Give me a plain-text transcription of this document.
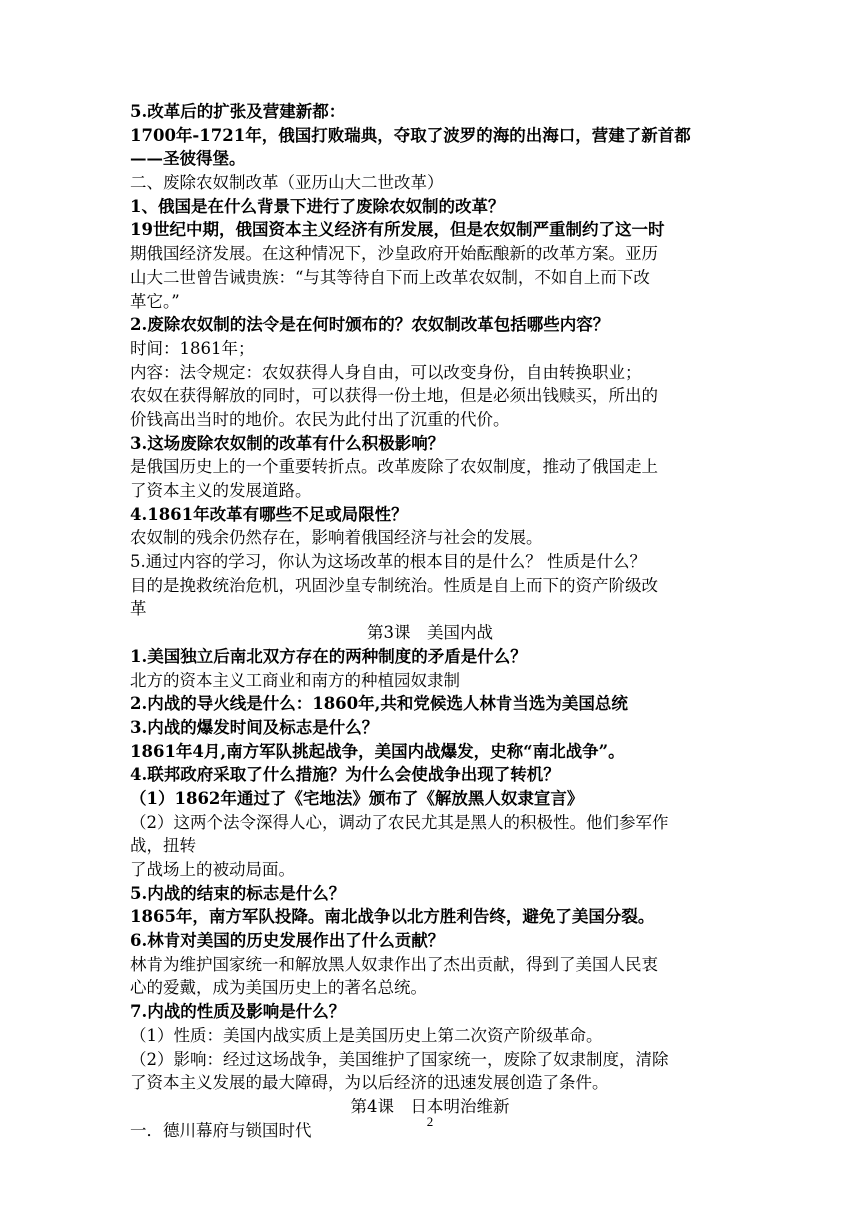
5.改革后的扩张及营建新都：
1700年-1721年，俄国打败瑞典，夺取了波罗的海的出海口，营建了新首都
——圣彼得堡。
二、废除农奴制改革（亚历山大二世改革）
1、俄国是在什么背景下进行了废除农奴制的改革？
19世纪中期，俄国资本主义经济有所发展，但是农奴制严重制约了这一时
期俄国经济发展。在这种情况下，沙皇政府开始酝酿新的改革方案。亚历
山大二世曾告诫贵族：“与其等待自下而上改革农奴制，不如自上而下改
革它。”
2.废除农奴制的法令是在何时颁布的？农奴制改革包括哪些内容？
时间：1861年；
内容：法令规定：农奴获得人身自由，可以改变身份，自由转换职业；
农奴在获得解放的同时，可以获得一份土地，但是必须出钱赎买，所出的
价钱高出当时的地价。农民为此付出了沉重的代价。
3.这场废除农奴制的改革有什么积极影响？
是俄国历史上的一个重要转折点。改革废除了农奴制度，推动了俄国走上
了资本主义的发展道路。
4.1861年改革有哪些不足或局限性？
农奴制的残余仍然存在，影响着俄国经济与社会的发展。
5.通过内容的学习，你认为这场改革的根本目的是什么？ 性质是什么？
目的是挽救统治危机，巩固沙皇专制统治。性质是自上而下的资产阶级改
革
第3课　美国内战
1.美国独立后南北双方存在的两种制度的矛盾是什么？
北方的资本主义工商业和南方的种植园奴隶制
2.内战的导火线是什么：1860年,共和党候选人林肯当选为美国总统
3.内战的爆发时间及标志是什么？
1861年4月,南方军队挑起战争，美国内战爆发，史称“南北战争”。
4.联邦政府采取了什么措施？为什么会使战争出现了转机？
（1）1862年通过了《宅地法》颁布了《解放黑人奴隶宣言》
（2）这两个法令深得人心，调动了农民尤其是黑人的积极性。他们参军作
战，扭转
了战场上的被动局面。
5.内战的结束的标志是什么？
1865年，南方军队投降。南北战争以北方胜利告终，避免了美国分裂。
6.林肯对美国的历史发展作出了什么贡献？
林肯为维护国家统一和解放黑人奴隶作出了杰出贡献，得到了美国人民衷
心的爱戴，成为美国历史上的著名总统。
7.内战的性质及影响是什么？
（1）性质：美国内战实质上是美国历史上第二次资产阶级革命。
（2）影响：经过这场战争，美国维护了国家统一，废除了奴隶制度，清除
了资本主义发展的最大障碍，为以后经济的迅速发展创造了条件。
第4课　日本明治维新
一．德川幕府与锁国时代	2
